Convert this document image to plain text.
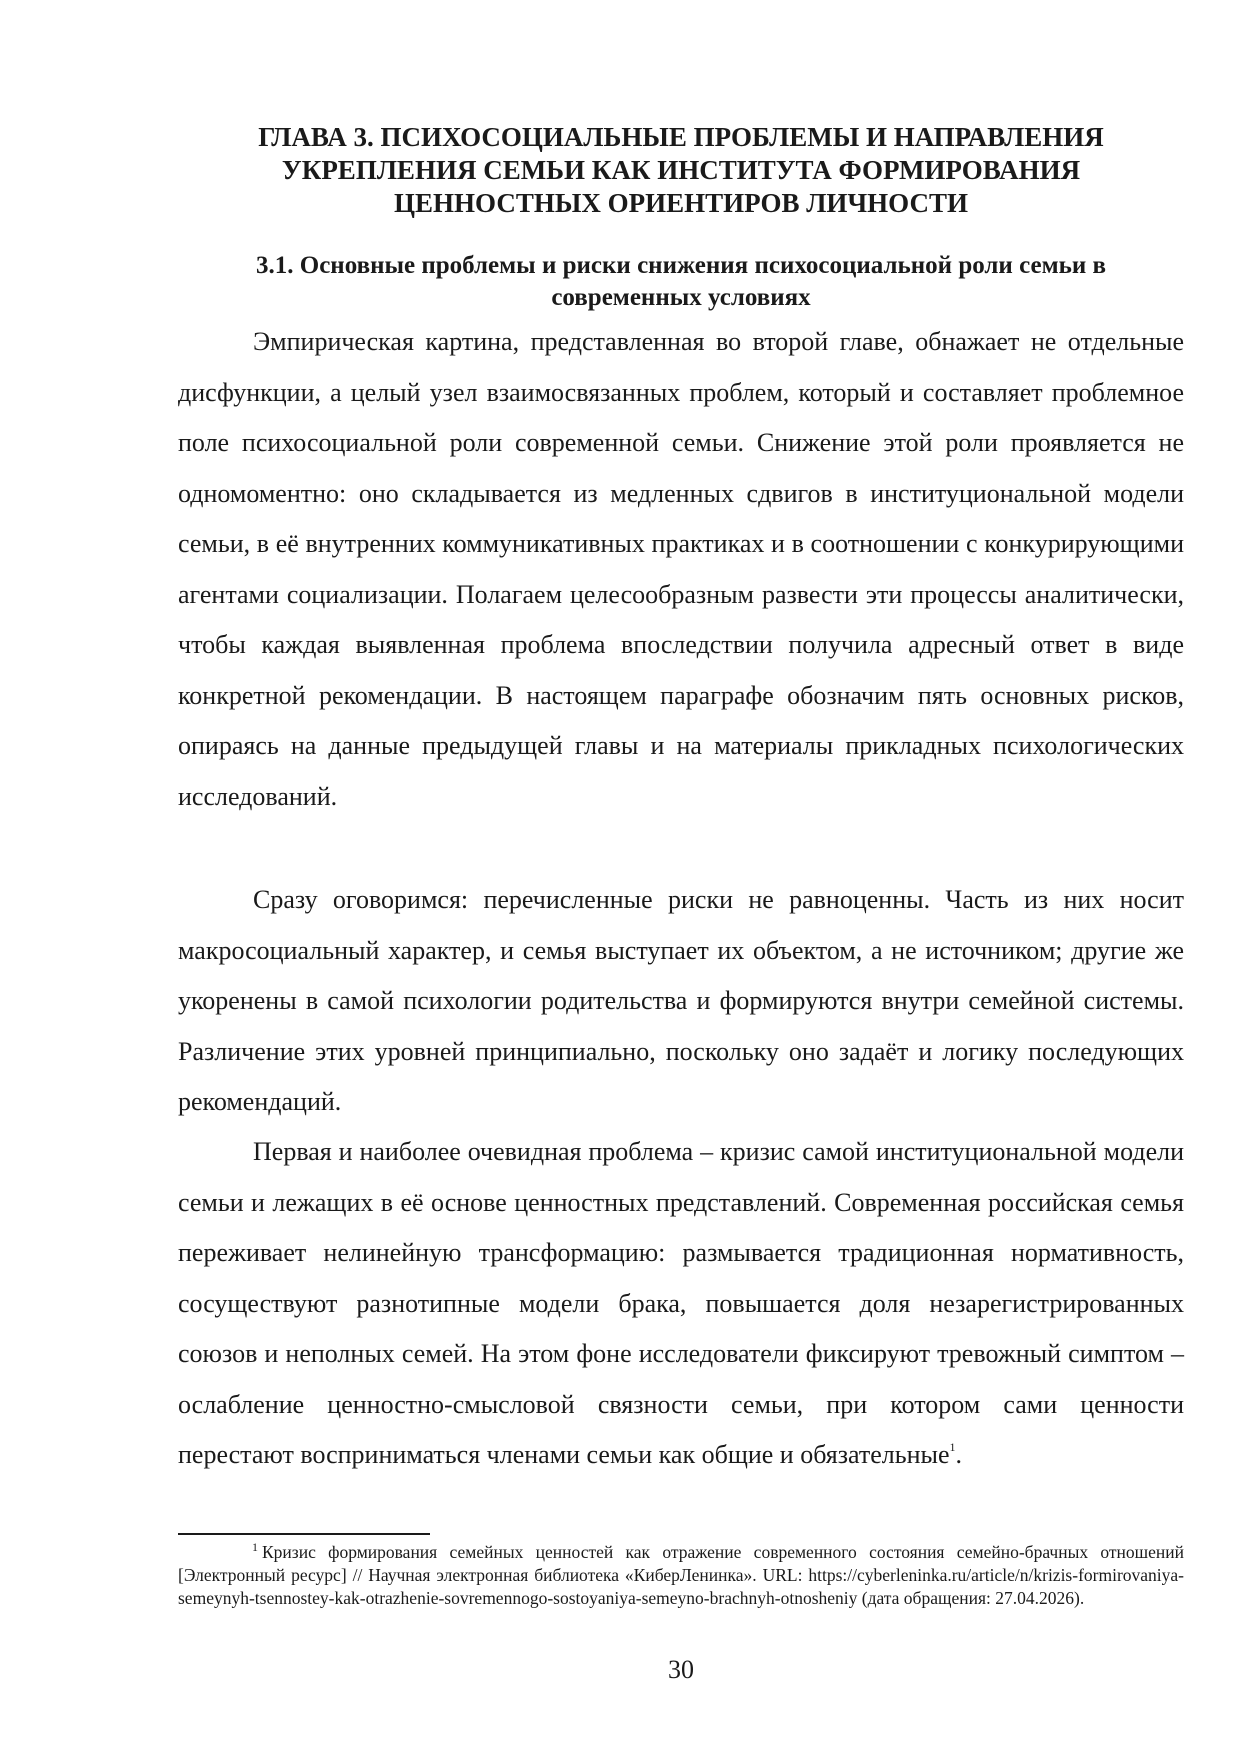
ГЛАВА 3. ПСИХОСОЦИАЛЬНЫЕ ПРОБЛЕМЫ И НАПРАВЛЕНИЯ
УКРЕПЛЕНИЯ СЕМЬИ КАК ИНСТИТУТА ФОРМИРОВАНИЯ
ЦЕННОСТНЫХ ОРИЕНТИРОВ ЛИЧНОСТИ
3.1. Основные проблемы и риски снижения психосоциальной роли семьи в
современных условиях

Эмпирическая картина, представленная во второй главе, обнажает не отдельные дисфункции, а целый узел взаимосвязанных проблем, который и составляет проблемное поле психосоциальной роли современной семьи. Снижение этой роли проявляется не одномоментно: оно складывается из медленных сдвигов в институциональной модели семьи, в её внутренних коммуникативных практиках и в соотношении с конкурирующими агентами социализации. Полагаем целесообразным развести эти процессы аналитически, чтобы каждая выявленная проблема впоследствии получила адресный ответ в виде конкретной рекомендации. В настоящем параграфе обозначим пять основных рисков, опираясь на данные предыдущей главы и на материалы прикладных психологических исследований.

Сразу оговоримся: перечисленные риски не равноценны. Часть из них носит макросоциальный характер, и семья выступает их объектом, а не источником; другие же укоренены в самой психологии родительства и формируются внутри семейной системы. Различение этих уровней принципиально, поскольку оно задаёт и логику последующих рекомендаций.

Первая и наиболее очевидная проблема – кризис самой институциональной модели семьи и лежащих в её основе ценностных представлений. Современная российская семья переживает нелинейную трансформацию: размывается традиционная нормативность, сосуществуют разнотипные модели брака, повышается доля незарегистрированных союзов и неполных семей. На этом фоне исследователи фиксируют тревожный симптом – ослабление ценностно-смысловой связности семьи, при котором сами ценности перестают восприниматься членами семьи как общие и обязательные$^1$.

$^1$ Кризис формирования семейных ценностей как отражение современного состояния семейно-брачных отношений [Электронный ресурс] // Научная электронная библиотека «КиберЛенинка». URL: https://cyberleninka.ru/article/n/krizis-formirovaniya-semeynyh-tsennostey-kak-otrazhenie-sovremennogo-sostoyaniya-semeyno-brachnyh-otnosheniy (дата обращения: 27.04.2026).

30
